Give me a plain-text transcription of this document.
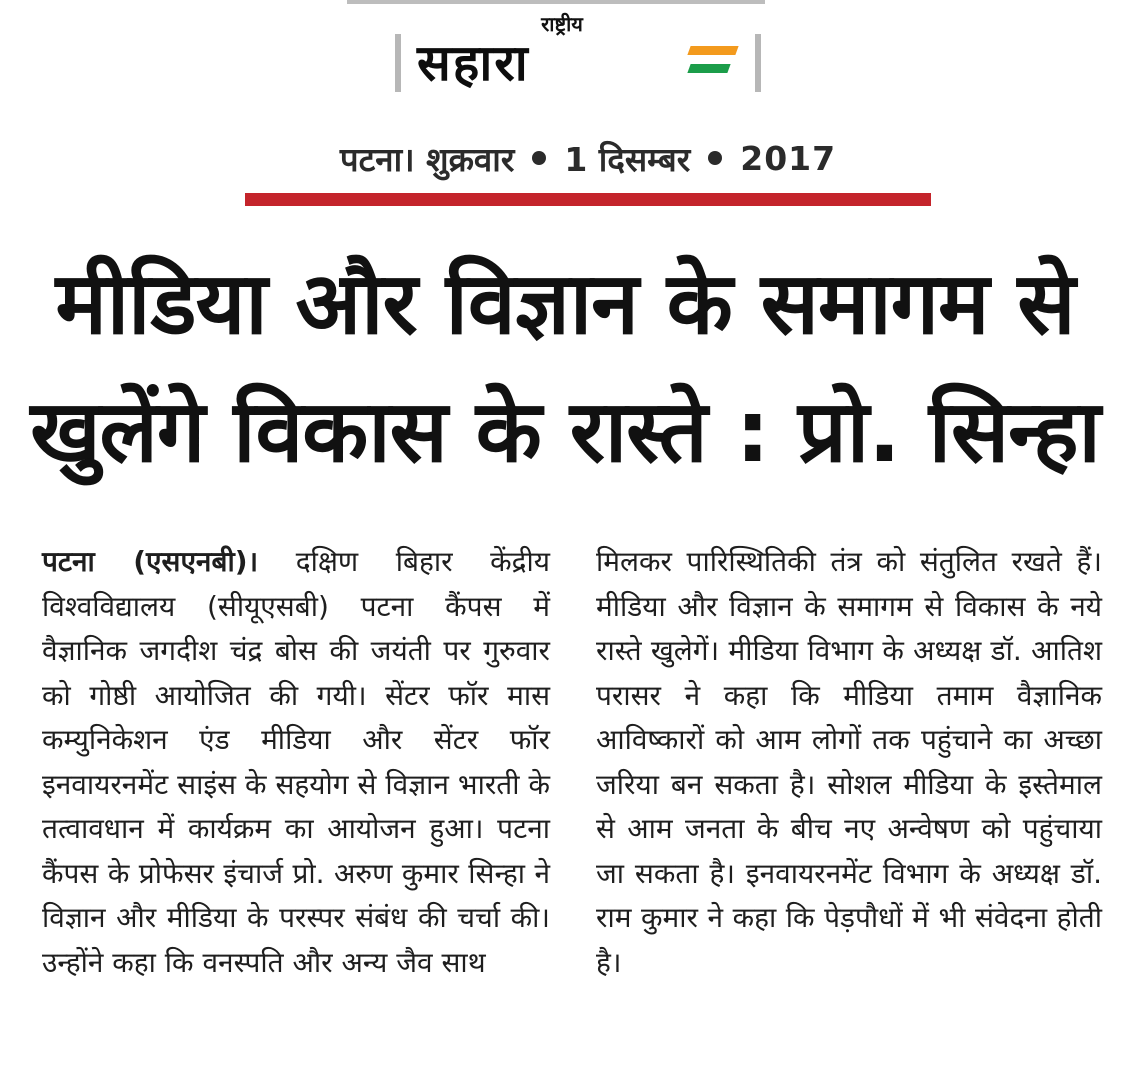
राष्ट्रीय
सहारा
पटना। शुक्रवार 1 दिसम्बर 2017
मीडिया और विज्ञान के समागम से
खुलेंगे विकास के रास्ते : प्रो. सिन्हा
पटना (एसएनबी)। दक्षिण बिहार केंद्रीय विश्वविद्यालय (सीयूएसबी) पटना कैंपस में वैज्ञानिक जगदीश चंद्र बोस की जयंती पर गुरुवार को गोष्ठी आयोजित की गयी। सेंटर फॉर मास कम्युनिकेशन एंड मीडिया और सेंटर फॉर इनवायरनमेंट साइंस के सहयोग से विज्ञान भारती के तत्वावधान में कार्यक्रम का आयोजन हुआ। पटना कैंपस के प्रोफेसर इंचार्ज प्रो. अरुण कुमार सिन्हा ने विज्ञान और मीडिया के परस्पर संबंध की चर्चा की। उन्होंने कहा कि वनस्पति और अन्य जैव साथ
मिलकर पारिस्थितिकी तंत्र को संतुलित रखते हैं। मीडिया और विज्ञान के समागम से विकास के नये रास्ते खुलेगें। मीडिया विभाग के अध्यक्ष डॉ. आतिश परासर ने कहा कि मीडिया तमाम वैज्ञानिक आविष्कारों को आम लोगों तक पहुंचाने का अच्छा जरिया बन सकता है। सोशल मीडिया के इस्तेमाल से आम जनता के बीच नए अन्वेषण को पहुंचाया जा सकता है। इनवायरनमेंट विभाग के अध्यक्ष डॉ. राम कुमार ने कहा कि पेड़पौधों में भी संवेदना होती है।
